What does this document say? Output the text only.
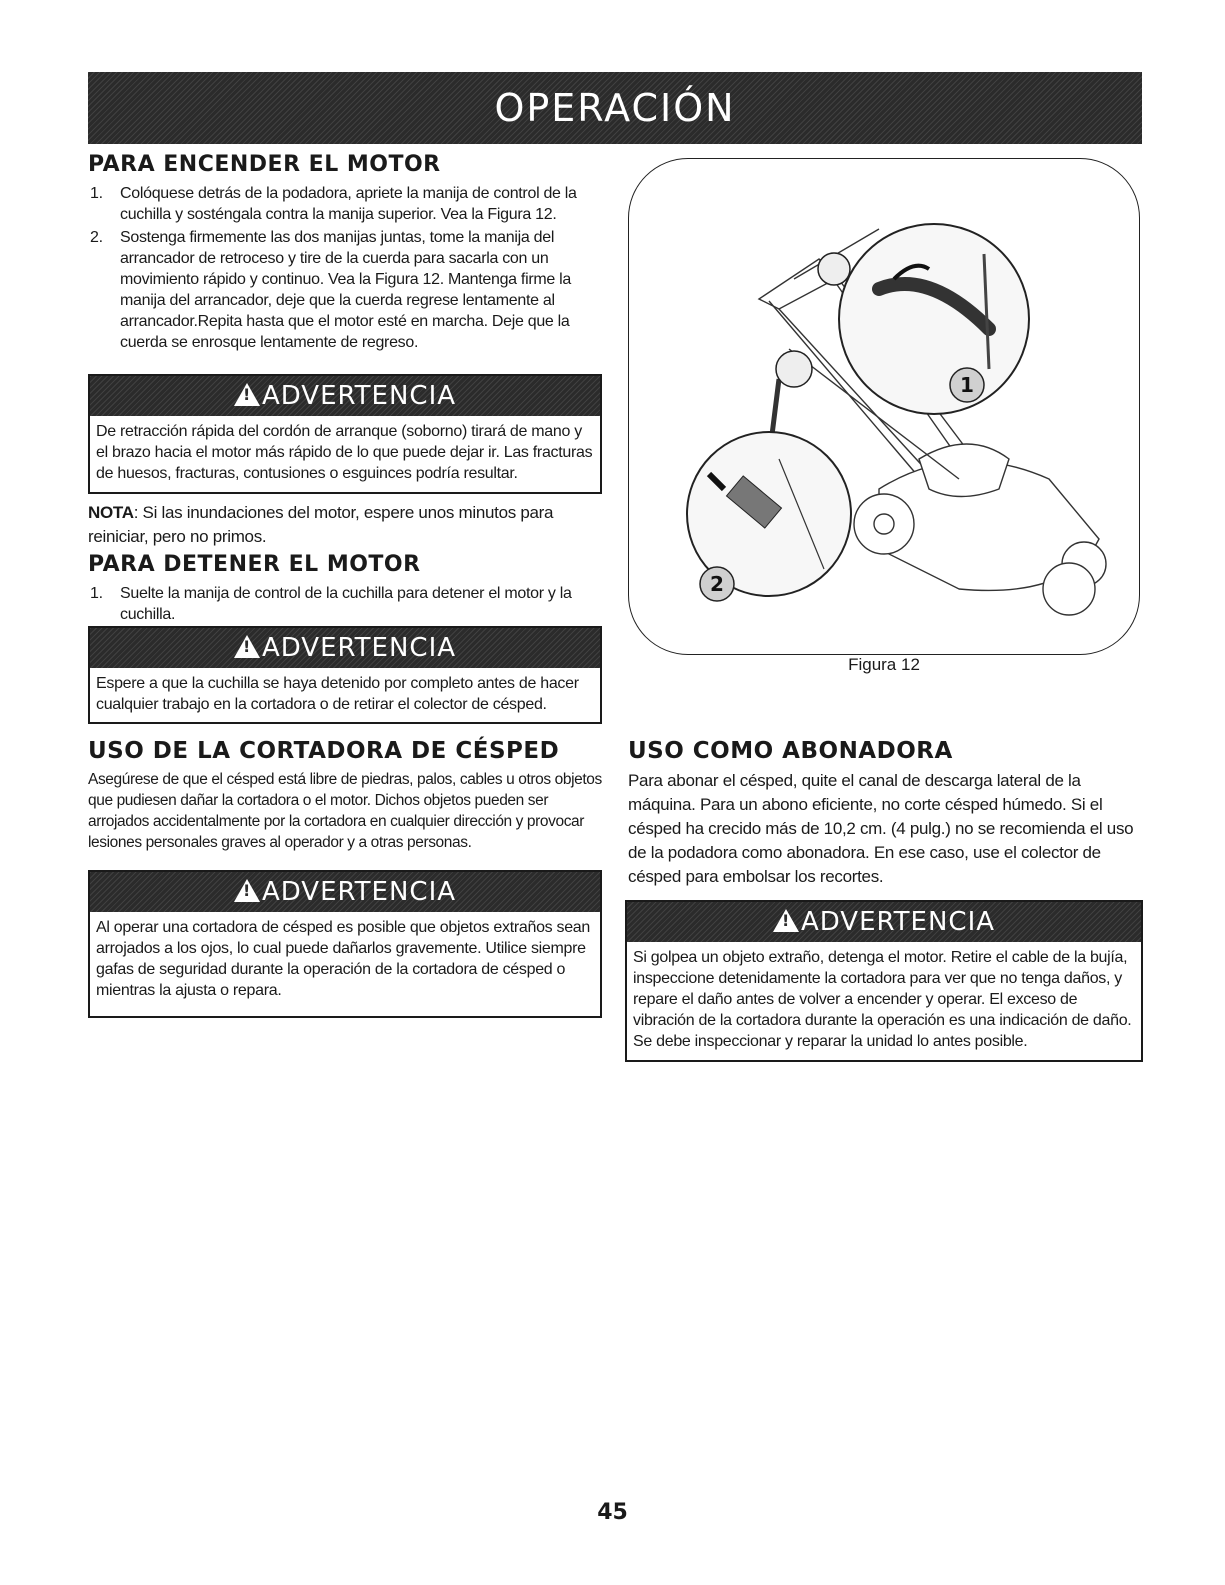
OPERACIÓN
PARA ENCENDER EL MOTOR
1. Colóquese detrás de la podadora, apriete la manija de control de la cuchilla y sosténgala contra la manija superior. Vea la Figura 12.
2. Sostenga firmemente las dos manijas juntas, tome la manija del arrancador de retroceso y tire de la cuerda para sacarla con un movimiento rápido y continuo. Vea la Figura 12. Mantenga firme la manija del arrancador, deje que la cuerda regrese lentamente al arrancador.Repita hasta que el motor esté en marcha. Deje que la cuerda se enrosque lentamente de regreso.
!ADVERTENCIA
De retracción rápida del cordón de arranque (soborno) tirará de mano y el brazo hacia el motor más rápido de lo que puede dejar ir. Las fracturas de huesos, fracturas, contusiones o esguinces podría resultar.
NOTA: Si las inundaciones del motor, espere unos minutos para reiniciar, pero no primos.
PARA DETENER EL MOTOR
1. Suelte la manija de control de la cuchilla para detener el motor y la cuchilla.
!ADVERTENCIA
Espere a que la cuchilla se haya detenido por completo antes de hacer cualquier trabajo en la cortadora o de retirar el colector de césped.
USO DE LA CORTADORA DE CÉSPED
Asegúrese de que el césped está libre de piedras, palos, cables u otros objetos que pudiesen dañar la cortadora o el motor. Dichos objetos pueden ser arrojados accidentalmente por la cortadora en cualquier dirección y provocar lesiones personales graves al operador y a otras personas.
!ADVERTENCIA
Al operar una cortadora de césped es posible que objetos extraños sean arrojados a los ojos, lo cual puede dañarlos gravemente. Utilice siempre gafas de seguridad durante la operación de la cortadora de césped o mientras la ajusta o repara.
1
2
Figura 12
USO COMO ABONADORA
Para abonar el césped, quite el canal de descarga lateral de la máquina. Para un abono eficiente, no corte césped húmedo. Si el césped ha crecido más de 10,2 cm. (4 pulg.) no se recomienda el uso de la podadora como abonadora. En ese caso, use el colector de césped para embolsar los recortes.
!ADVERTENCIA
Si golpea un objeto extraño, detenga el motor. Retire el cable de la bujía, inspeccione detenidamente la cortadora para ver que no tenga daños, y repare el daño antes de volver a encender y operar. El exceso de vibración de la cortadora durante la operación es una indicación de daño. Se debe inspeccionar y reparar la unidad lo antes posible.
45
